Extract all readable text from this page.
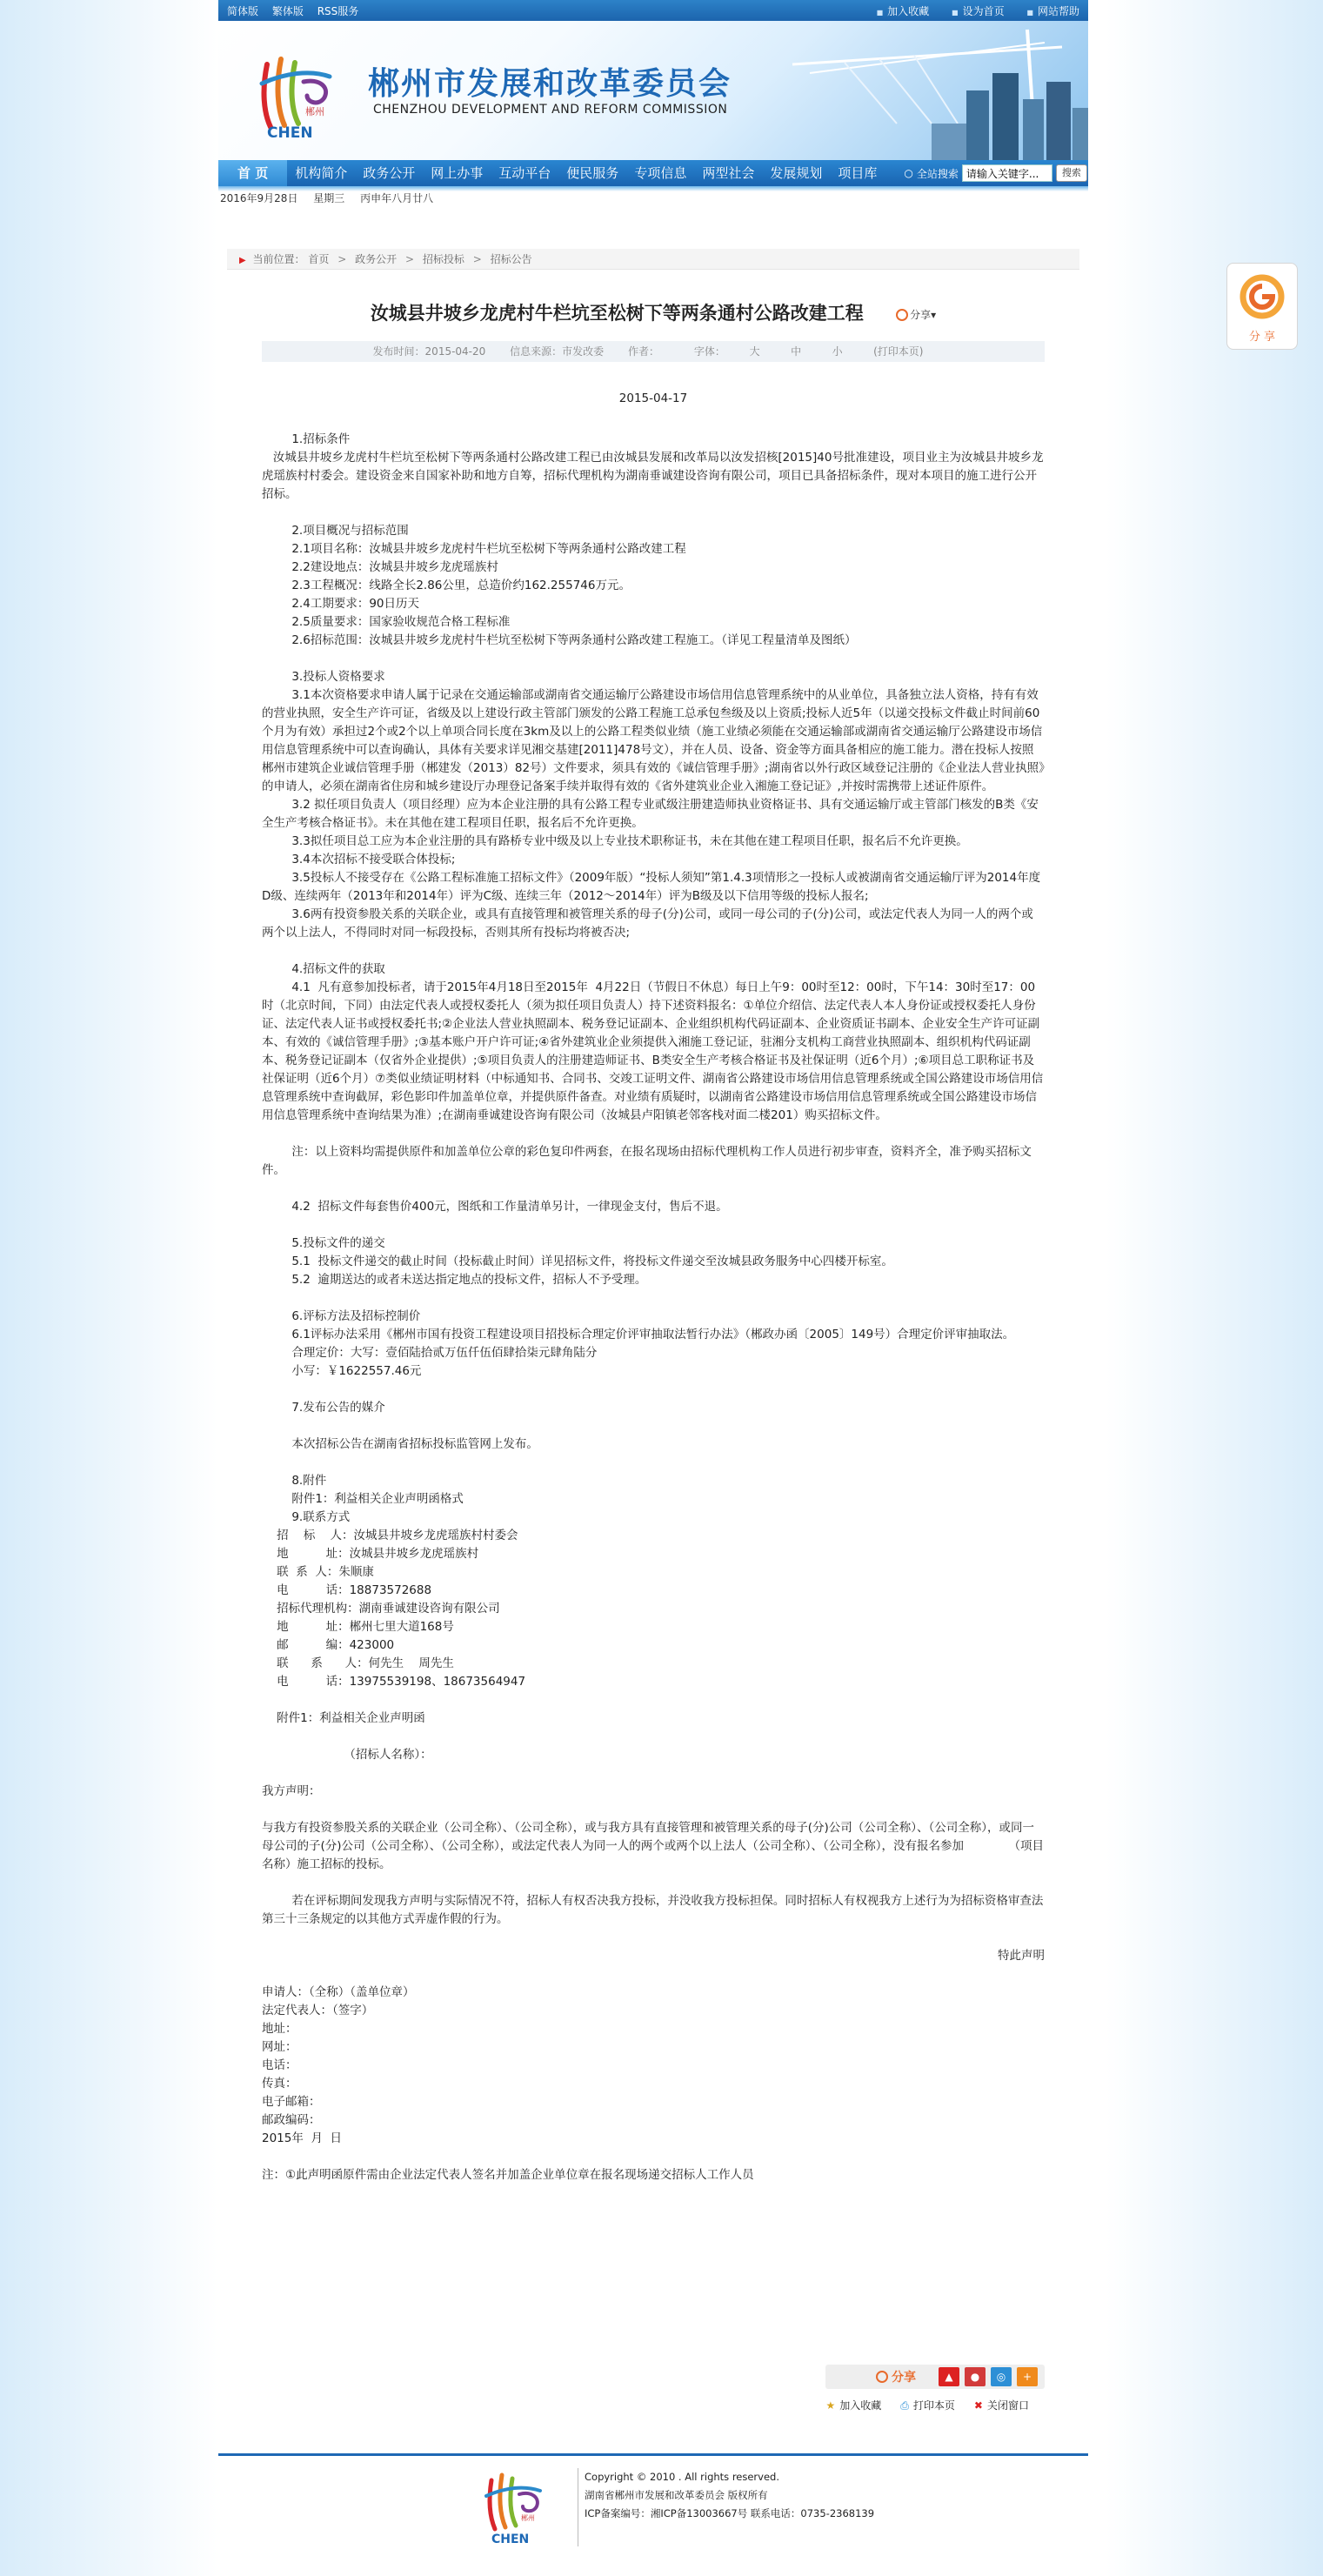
简体版 繁体版 RSS服务	■ 加入收藏	■ 设为首页	■ 网站帮助
郴州
CHEN
郴州市发展和改革委员会
CHENZHOU DEVELOPMENT AND REFORM COMMISSION
首 页	机构简介	政务公开	网上办事	互动平台	便民服务	专项信息	两型社会	发展规划	项目库	○ 全站搜索
请输入关键字...	搜索
2016年9月28日 星期三 丙申年八月廿八
▶ 当前位置： 首页 > 政务公开 > 招标投标 > 招标公告
汝城县井坡乡龙虎村牛栏坑至松树下等两条通村公路改建工程	分享▾
发布时间：2015-04-20 信息来源：市发改委 作者：	字体： 大	中	小	(打印本页)
2015-04-17
1.招标条件
汝城县井坡乡龙虎村牛栏坑至松树下等两条通村公路改建工程已由汝城县发展和改革局以汝发招核[2015]40号批准建设，项目业主为汝城县井坡乡龙虎瑶族村村委会。建设资金来自国家补助和地方自筹，招标代理机构为湖南垂诚建设咨询有限公司，项目已具备招标条件，现对本项目的施工进行公开招标。
2.项目概况与招标范围
2.1项目名称：汝城县井坡乡龙虎村牛栏坑至松树下等两条通村公路改建工程
2.2建设地点：汝城县井坡乡龙虎瑶族村
2.3工程概况：线路全长2.86公里，总造价约162.255746万元。
2.4工期要求：90日历天
2.5质量要求：国家验收规范合格工程标准
2.6招标范围：汝城县井坡乡龙虎村牛栏坑至松树下等两条通村公路改建工程施工。（详见工程量清单及图纸）
3.投标人资格要求
3.1本次资格要求申请人属于记录在交通运输部或湖南省交通运输厅公路建设市场信用信息管理系统中的从业单位，具备独立法人资格，持有有效的营业执照，安全生产许可证，省级及以上建设行政主管部门颁发的公路工程施工总承包叁级及以上资质;投标人近5年（以递交投标文件截止时间前60个月为有效）承担过2个或2个以上单项合同长度在3km及以上的公路工程类似业绩（施工业绩必须能在交通运输部或湖南省交通运输厅公路建设市场信用信息管理系统中可以查询确认，具体有关要求详见湘交基建[2011]478号文），并在人员、设备、资金等方面具备相应的施工能力。潜在投标人按照郴州市建筑企业诚信管理手册（郴建发（2013）82号）文件要求，须具有效的《诚信管理手册》;湖南省以外行政区域登记注册的《企业法人营业执照》的申请人，必须在湖南省住房和城乡建设厅办理登记备案手续并取得有效的《省外建筑业企业入湘施工登记证》,并按时需携带上述证件原件。
3.2 拟任项目负责人（项目经理）应为本企业注册的具有公路工程专业贰级注册建造师执业资格证书、具有交通运输厅或主管部门核发的B类《安全生产考核合格证书》。未在其他在建工程项目任职，报名后不允许更换。
3.3拟任项目总工应为本企业注册的具有路桥专业中级及以上专业技术职称证书，未在其他在建工程项目任职，报名后不允许更换。
3.4本次招标不接受联合体投标;
3.5投标人不接受存在《公路工程标准施工招标文件》（2009年版）“投标人须知”第1.4.3项情形之一投标人或被湖南省交通运输厅评为2014年度D级、连续两年（2013年和2014年）评为C级、连续三年（2012～2014年）评为B级及以下信用等级的投标人报名;
3.6两有投资参股关系的关联企业，或具有直接管理和被管理关系的母子(分)公司，或同一母公司的子(分)公司，或法定代表人为同一人的两个或两个以上法人，不得同时对同一标段投标，否则其所有投标均将被否决;
4.招标文件的获取
4.1  凡有意参加投标者，请于2015年4月18日至2015年  4月22日（节假日不休息）每日上午9：00时至12：00时，下午14：30时至17：00时（北京时间，下同）由法定代表人或授权委托人（须为拟任项目负责人）持下述资料报名：①单位介绍信、法定代表人本人身份证或授权委托人身份证、法定代表人证书或授权委托书;②企业法人营业执照副本、税务登记证副本、企业组织机构代码证副本、企业资质证书副本、企业安全生产许可证副本、有效的《诚信管理手册》;③基本账户开户许可证;④省外建筑业企业须提供入湘施工登记证，驻湘分支机构工商营业执照副本、组织机构代码证副本、税务登记证副本（仅省外企业提供）;⑤项目负责人的注册建造师证书、B类安全生产考核合格证书及社保证明（近6个月）;⑥项目总工职称证书及社保证明（近6个月）⑦类似业绩证明材料（中标通知书、合同书、交竣工证明文件、湖南省公路建设市场信用信息管理系统或全国公路建设市场信用信息管理系统中查询截屏，彩色影印件加盖单位章，并提供原件备查。对业绩有质疑时，以湖南省公路建设市场信用信息管理系统或全国公路建设市场信用信息管理系统中查询结果为准）;在湖南垂诚建设咨询有限公司（汝城县卢阳镇老邻客栈对面二楼201）购买招标文件。
注：以上资料均需提供原件和加盖单位公章的彩色复印件两套，在报名现场由招标代理机构工作人员进行初步审查，资料齐全，准予购买招标文件。
4.2  招标文件每套售价400元，图纸和工作量清单另计，一律现金支付，售后不退。
5.投标文件的递交
5.1  投标文件递交的截止时间（投标截止时间）详见招标文件，将投标文件递交至汝城县政务服务中心四楼开标室。
5.2  逾期送达的或者未送达指定地点的投标文件，招标人不予受理。
6.评标方法及招标控制价
6.1评标办法采用《郴州市国有投资工程建设项目招投标合理定价评审抽取法暂行办法》（郴政办函〔2005〕149号）合理定价评审抽取法。
合理定价：大写：壹佰陆拾贰万伍仟伍佰肆拾柒元肆角陆分
小写：￥1622557.46元
7.发布公告的媒介
本次招标公告在湖南省招标投标监管网上发布。
8.附件
附件1：利益相关企业声明函格式
9.联系方式
招    标    人：汝城县井坡乡龙虎瑶族村村委会
地          址：汝城县井坡乡龙虎瑶族村
联  系  人：朱顺康
电          话：18873572688
招标代理机构：湖南垂诚建设咨询有限公司
地          址：郴州七里大道168号
邮          编：423000
联      系      人：何先生    周先生
电          话：13975539198、18673564947
附件1：利益相关企业声明函
（招标人名称）：
我方声明：
与我方有投资参股关系的关联企业（公司全称）、（公司全称），或与我方具有直接管理和被管理关系的母子(分)公司（公司全称）、（公司全称），或同一母公司的子(分)公司（公司全称）、（公司全称），或法定代表人为同一人的两个或两个以上法人（公司全称）、（公司全称），没有报名参加            （项目名称）施工招标的投标。
若在评标期间发现我方声明与实际情况不符，招标人有权否决我方投标，并没收我方投标担保。同时招标人有权视我方上述行为为招标资格审查法第三十三条规定的以其他方式弄虚作假的行为。
特此声明
申请人：（全称）（盖单位章）
法定代表人：（签字）
地址：
网址：
电话：
传真：
电子邮箱：
邮政编码：
2015年  月  日
注：①此声明函原件需由企业法定代表人签名并加盖企业单位章在报名现场递交招标人工作人员
分享	▲	●	◎	+
★ 加入收藏 ⎙ 打印本页 ✖ 关闭窗口
郴州
CHEN
Copyright © 2010 . All rights reserved.
湖南省郴州市发展和改革委员会 版权所有
ICP备案编号：湘ICP备13003667号 联系电话：0735-2368139
分 享
